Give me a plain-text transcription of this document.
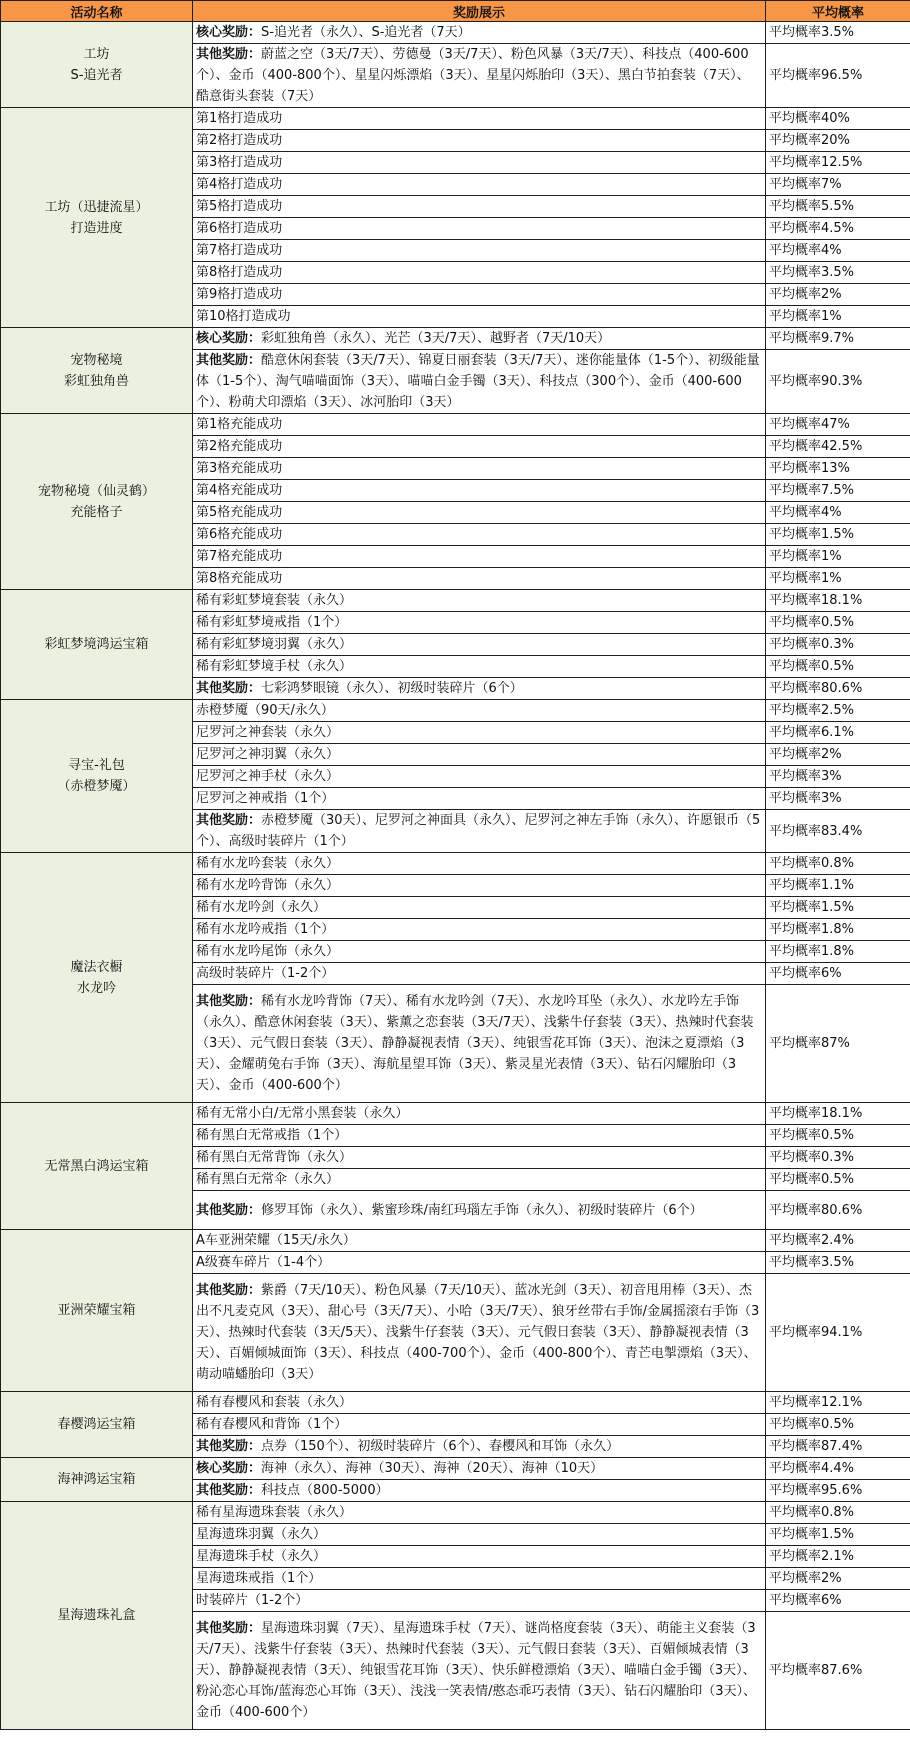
活动名称	奖励展示	平均概率
工坊
S-追光者	核心奖励：S-追光者（永久）、S-追光者（7天）	平均概率3.5%
	其他奖励：蔚蓝之空（3天/7天）、劳德曼（3天/7天）、粉色风暴（3天/7天）、科技点（400-600个）、金币（400-800个）、星星闪烁漂焰（3天）、星星闪烁胎印（3天）、黑白节拍套装（7天）、酷意街头套装（7天）	平均概率96.5%
工坊（迅捷流星）
打造进度	第1格打造成功	平均概率40%
	第2格打造成功	平均概率20%
	第3格打造成功	平均概率12.5%
	第4格打造成功	平均概率7%
	第5格打造成功	平均概率5.5%
	第6格打造成功	平均概率4.5%
	第7格打造成功	平均概率4%
	第8格打造成功	平均概率3.5%
	第9格打造成功	平均概率2%
	第10格打造成功	平均概率1%
宠物秘境
彩虹独角兽	核心奖励：彩虹独角兽（永久）、光芒（3天/7天）、越野者（7天/10天）	平均概率9.7%
	其他奖励：酷意休闲套装（3天/7天）、锦夏日丽套装（3天/7天）、迷你能量体（1-5个）、初级能量体（1-5个）、淘气喵喵面饰（3天）、喵喵白金手镯（3天）、科技点（300个）、金币（400-600个）、粉萌犬印漂焰（3天）、冰河胎印（3天）	平均概率90.3%
宠物秘境（仙灵鹤）
充能格子	第1格充能成功	平均概率47%
	第2格充能成功	平均概率42.5%
	第3格充能成功	平均概率13%
	第4格充能成功	平均概率7.5%
	第5格充能成功	平均概率4%
	第6格充能成功	平均概率1.5%
	第7格充能成功	平均概率1%
	第8格充能成功	平均概率1%
彩虹梦境鸿运宝箱	稀有彩虹梦境套装（永久）	平均概率18.1%
	稀有彩虹梦境戒指（1个）	平均概率0.5%
	稀有彩虹梦境羽翼（永久）	平均概率0.3%
	稀有彩虹梦境手杖（永久）	平均概率0.5%
	其他奖励：七彩鸿梦眼镜（永久）、初级时装碎片（6个）	平均概率80.6%
寻宝-礼包
（赤橙梦魇）	赤橙梦魇（90天/永久）	平均概率2.5%
	尼罗河之神套装（永久）	平均概率6.1%
	尼罗河之神羽翼（永久）	平均概率2%
	尼罗河之神手杖（永久）	平均概率3%
	尼罗河之神戒指（1个）	平均概率3%
	其他奖励：赤橙梦魇（30天）、尼罗河之神面具（永久）、尼罗河之神左手饰（永久）、许愿银币（5个）、高级时装碎片（1个）	平均概率83.4%
魔法衣橱
水龙吟	稀有水龙吟套装（永久）	平均概率0.8%
	稀有水龙吟背饰（永久）	平均概率1.1%
	稀有水龙吟剑（永久）	平均概率1.5%
	稀有水龙吟戒指（1个）	平均概率1.8%
	稀有水龙吟尾饰（永久）	平均概率1.8%
	高级时装碎片（1-2个）	平均概率6%
	其他奖励：稀有水龙吟背饰（7天）、稀有水龙吟剑（7天）、水龙吟耳坠（永久）、水龙吟左手饰（永久）、酷意休闲套装（3天）、紫薰之恋套装（3天/7天）、浅紫牛仔套装（3天）、热辣时代套装（3天）、元气假日套装（3天）、静静凝视表情（3天）、纯银雪花耳饰（3天）、泡沫之夏漂焰（3天）、金耀萌兔右手饰（3天）、海航星望耳饰（3天）、紫灵星光表情（3天）、钻石闪耀胎印（3天）、金币（400-600个）	平均概率87%
无常黑白鸿运宝箱	稀有无常小白/无常小黑套装（永久）	平均概率18.1%
	稀有黑白无常戒指（1个）	平均概率0.5%
	稀有黑白无常背饰（永久）	平均概率0.3%
	稀有黑白无常伞（永久）	平均概率0.5%
	其他奖励：修罗耳饰（永久）、紫蜜珍珠/南红玛瑙左手饰（永久）、初级时装碎片（6个）	平均概率80.6%
亚洲荣耀宝箱	A车亚洲荣耀（15天/永久）	平均概率2.4%
	A级赛车碎片（1-4个）	平均概率3.5%
	其他奖励：紫爵（7天/10天）、粉色风暴（7天/10天）、蓝冰光剑（3天）、初音甩用棒（3天）、杰出不凡麦克风（3天）、甜心号（3天/7天）、小哈（3天/7天）、狼牙丝带右手饰/金属摇滚右手饰（3天）、热辣时代套装（3天/5天）、浅紫牛仔套装（3天）、元气假日套装（3天）、静静凝视表情（3天）、百媚倾城面饰（3天）、科技点（400-700个）、金币（400-800个）、青芒电掣漂焰（3天）、萌动喵蟠胎印（3天）	平均概率94.1%
春樱鸿运宝箱	稀有春樱风和套装（永久）	平均概率12.1%
	稀有春樱风和背饰（1个）	平均概率0.5%
	其他奖励：点券（150个）、初级时装碎片（6个）、春樱风和耳饰（永久）	平均概率87.4%
海神鸿运宝箱	核心奖励：海神（永久）、海神（30天）、海神（20天）、海神（10天）	平均概率4.4%
	其他奖励：科技点（800-5000）	平均概率95.6%
星海遗珠礼盒	稀有星海遗珠套装（永久）	平均概率0.8%
	星海遗珠羽翼（永久）	平均概率1.5%
	星海遗珠手杖（永久）	平均概率2.1%
	星海遗珠戒指（1个）	平均概率2%
	时装碎片（1-2个）	平均概率6%
	其他奖励：星海遗珠羽翼（7天）、星海遗珠手杖（7天）、谜尚格度套装（3天）、萌能主义套装（3天/7天）、浅紫牛仔套装（3天）、热辣时代套装（3天）、元气假日套装（3天）、百媚倾城表情（3天）、静静凝视表情（3天）、纯银雪花耳饰（3天）、快乐鲜橙漂焰（3天）、喵喵白金手镯（3天）、粉沁恋心耳饰/蓝海恋心耳饰（3天）、浅浅一笑表情/憨态乖巧表情（3天）、钻石闪耀胎印（3天）、金币（400-600个）	平均概率87.6%
